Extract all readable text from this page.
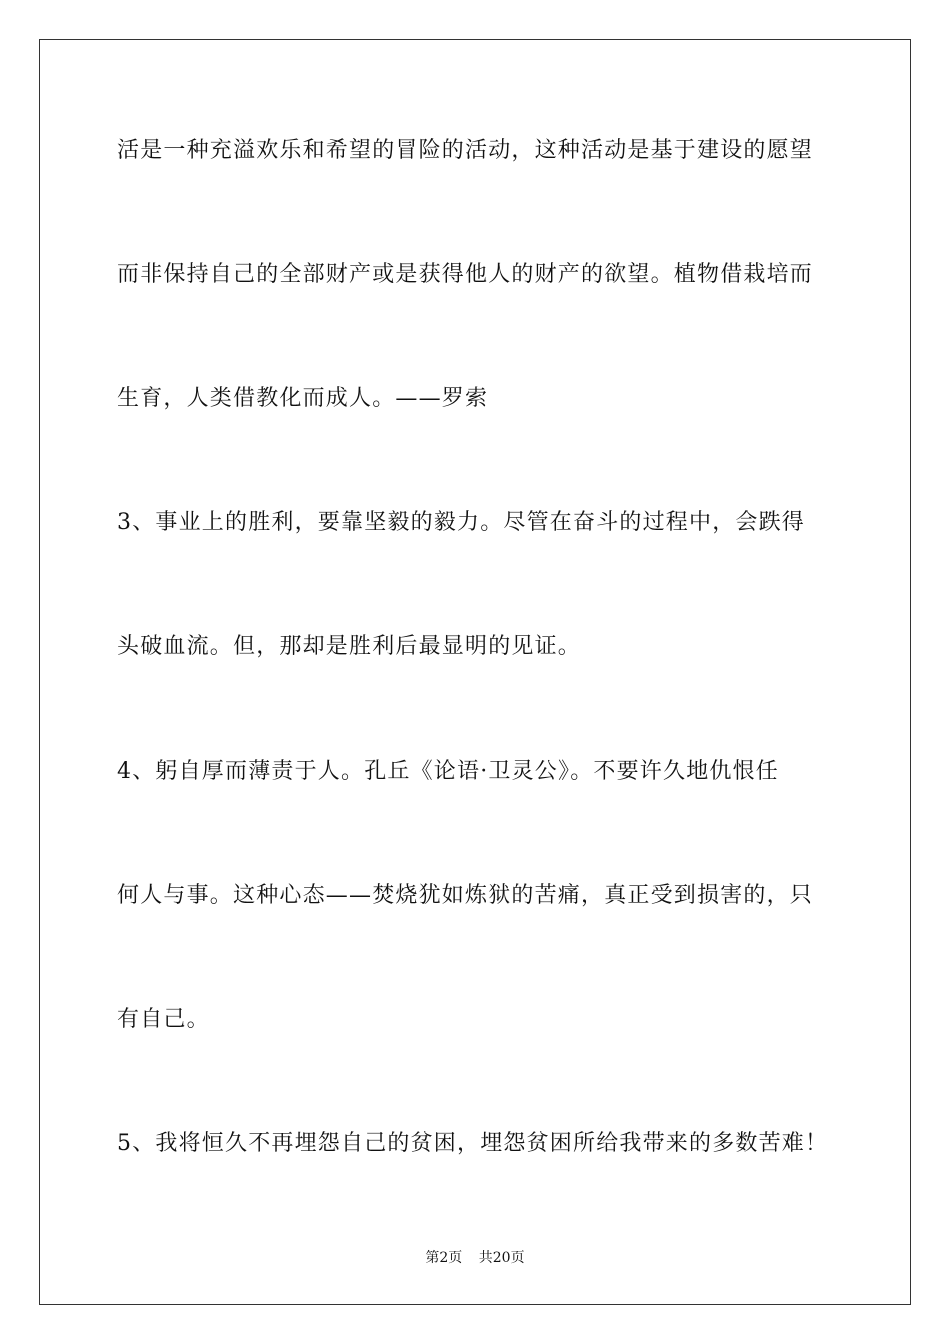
活是一种充溢欢乐和希望的冒险的活动，这种活动是基于建设的愿望
而非保持自己的全部财产或是获得他人的财产的欲望。植物借栽培而
生育，人类借教化而成人。——罗索
3、事业上的胜利，要靠坚毅的毅力。尽管在奋斗的过程中，会跌得
头破血流。但，那却是胜利后最显明的见证。
4、躬自厚而薄责于人。孔丘《论语·卫灵公》。不要许久地仇恨任
何人与事。这种心态——焚烧犹如炼狱的苦痛，真正受到损害的，只
有自己。
5、我将恒久不再埋怨自己的贫困，埋怨贫困所给我带来的多数苦难！
第2页 共20页
